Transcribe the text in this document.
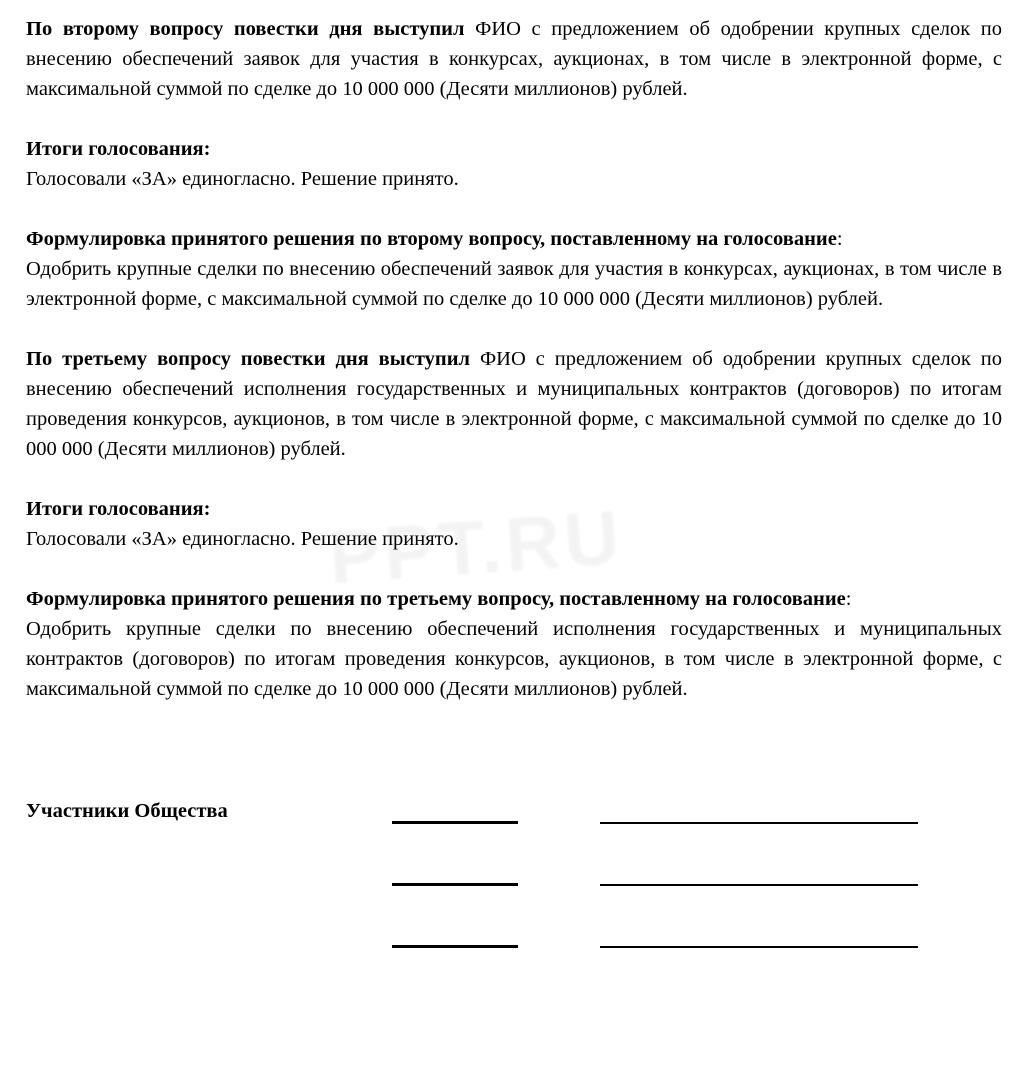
По второму вопросу повестки дня выступил ФИО с предложением об одобрении крупных сделок по внесению обеспечений заявок для участия в конкурсах, аукционах, в том числе в электронной форме, с максимальной суммой по сделке до 10 000 000 (Десяти миллионов) рублей.

Итоги голосования:

Голосовали «ЗА» единогласно. Решение принято.

Формулировка принятого решения по второму вопросу, поставленному на голосование:

Одобрить крупные сделки по внесению обеспечений заявок для участия в конкурсах, аукционах, в том числе в электронной форме, с максимальной суммой по сделке до 10 000 000 (Десяти миллионов) рублей.

По третьему вопросу повестки дня выступил ФИО с предложением об одобрении крупных сделок по внесению обеспечений исполнения государственных и муниципальных контрактов (договоров) по итогам проведения конкурсов, аукционов, в том числе в электронной форме, с максимальной суммой по сделке до 10 000 000 (Десяти миллионов) рублей.

Итоги голосования:

Голосовали «ЗА» единогласно. Решение принято.

Формулировка принятого решения по третьему вопросу, поставленному на голосование:

Одобрить крупные сделки по внесению обеспечений исполнения государственных и муниципальных контрактов (договоров) по итогам проведения конкурсов, аукционов, в том числе в электронной форме, с максимальной суммой по сделке до 10 000 000 (Десяти миллионов) рублей.

Участники Общества
